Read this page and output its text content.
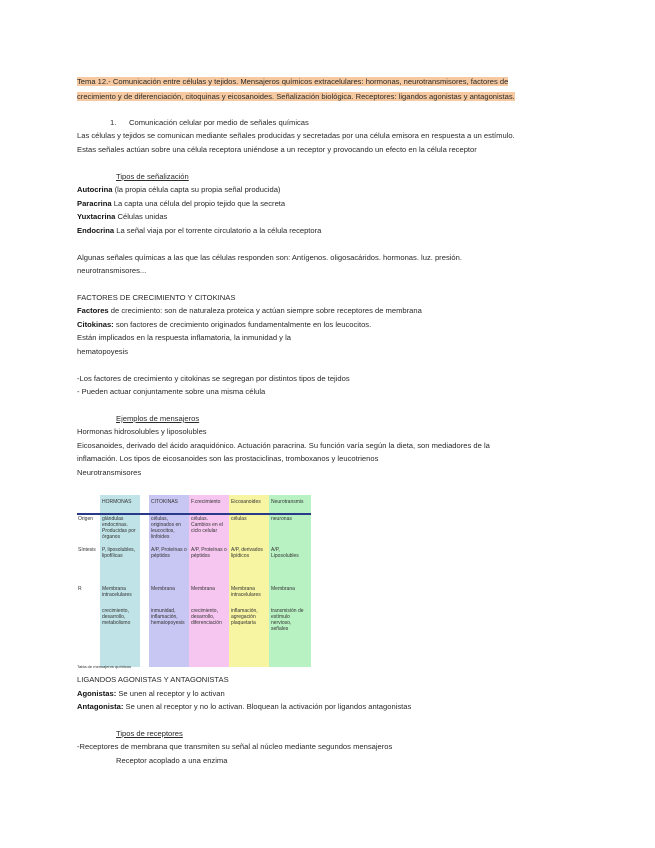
Tema 12.- Comunicación entre células y tejidos. Mensajeros químicos extracelulares: hormonas, neurotransmisores, factores de
crecimiento y de diferenciación, citoquinas y eicosanoides. Señalización biológica. Receptores: ligandos agonistas y antagonistas.
1. Comunicación celular por medio de señales químicas
Las células y tejidos se comunican mediante señales producidas y secretadas por una célula emisora en respuesta a un estímulo.
Estas señales actúan sobre una célula receptora uniéndose a un receptor y provocando un efecto en la célula receptor
Tipos de señalización
Autocrina (la propia célula capta su propia señal producida)
Paracrina La capta una célula del propio tejido que la secreta
Yuxtacrina Células unidas
Endocrina La señal viaja por el torrente circulatorio a la célula receptora
Algunas señales químicas a las que las células responden son: Antígenos. oligosacáridos. hormonas. luz. presión.
neurotransmisores...
FACTORES DE CRECIMIENTO Y CITOKINAS
Factores de crecimiento: son de naturaleza proteica y actúan siempre sobre receptores de membrana
Citokinas: son factores de crecimiento originados fundamentalmente en los leucocitos.
Están implicados en la respuesta inflamatoria, la inmunidad y la
hematopoyesis
-Los factores de crecimiento y citokinas se segregan por distintos tipos de tejidos
- Pueden actuar conjuntamente sobre una misma célula
Ejemplos de mensajeros
Hormonas hidrosolubles y liposolubles
Eicosanoides, derivado del ácido araquidónico. Actuación paracrina. Su función varía según la dieta, son mediadores de la
inflamación. Los tipos de eicosanoides son las prostaciclinas, tromboxanos y leucotrienos
Neurotransmisores
Origen
Síntesis
R
HORMONAS
glándulas endocrinas. Producidas por órganos
P, liposolubles, lipofílicas
Membrana intracelulares
crecimiento, desarrollo, metabolismo
CITOKINAS
células, originados en leucocitos, linfoides
A/P, Proteínas o péptidos
Membrana
inmunidad, inflamación, hematopoyesis
F.crecimiento
células. Cambios en el ciclo celular
A/P, Proteínas o péptidos
Membrana
crecimiento, desarrollo, diferenciación
Eicosanoides
células
A/P, derivados lipídicos
Membrana intracelulares
inflamación, agregación plaquetaria
Neurotransmis
neuronas
A/P, Liposolubles
Membrana
transmisión de estímulo nervioso, señales
Tabla de mensajeros químicos
LIGANDOS AGONISTAS Y ANTAGONISTAS
Agonistas: Se unen al receptor y lo activan
Antagonista: Se unen al receptor y no lo activan. Bloquean la activación por ligandos antagonistas
Tipos de receptores
-Receptores de membrana que transmiten su señal al núcleo mediante segundos mensajeros
Receptor acoplado a una enzima
